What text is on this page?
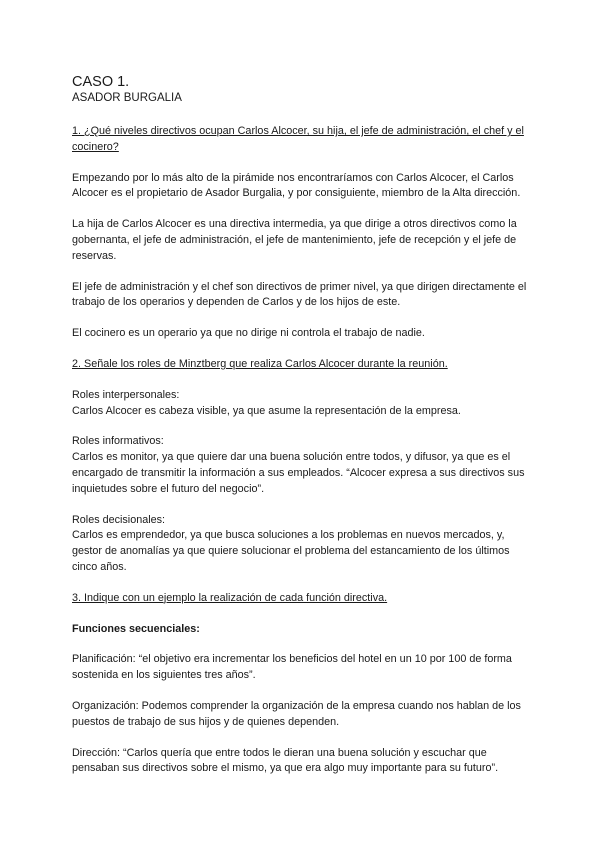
CASO 1.
ASADOR BURGALIA

1. ¿Qué niveles directivos ocupan Carlos Alcocer, su hija, el jefe de administración, el chef y el cocinero?

Empezando por lo más alto de la pirámide nos encontraríamos con Carlos Alcocer, el Carlos Alcocer es el propietario de Asador Burgalia, y por consiguiente, miembro de la Alta dirección.

La hija de Carlos Alcocer es una directiva intermedia, ya que dirige a otros directivos como la gobernanta, el jefe de administración, el jefe de mantenimiento, jefe de recepción y el jefe de reservas.

El jefe de administración y el chef son directivos de primer nivel, ya que dirigen directamente el trabajo de los operarios y dependen de Carlos y de los hijos de este.

El cocinero es un operario ya que no dirige ni controla el trabajo de nadie.

2. Señale los roles de Minztberg que realiza Carlos Alcocer durante la reunión.

Roles interpersonales:

Carlos Alcocer es cabeza visible, ya que asume la representación de la empresa.

Roles informativos:

Carlos es monitor, ya que quiere dar una buena solución entre todos, y difusor, ya que es el encargado de transmitir la información a sus empleados. “Alcocer expresa a sus directivos sus inquietudes sobre el futuro del negocio”.

Roles decisionales:

Carlos es emprendedor, ya que busca soluciones a los problemas en nuevos mercados, y, gestor de anomalías ya que quiere solucionar el problema del estancamiento de los últimos cinco años.

3. Indique con un ejemplo la realización de cada función directiva.

Funciones secuenciales:

Planificación: “el objetivo era incrementar los beneficios del hotel en un 10 por 100 de forma sostenida en los siguientes tres años”.

Organización: Podemos comprender la organización de la empresa cuando nos hablan de los puestos de trabajo de sus hijos y de quienes dependen.

Dirección: “Carlos quería que entre todos le dieran una buena solución y escuchar que pensaban sus directivos sobre el mismo, ya que era algo muy importante para su futuro”.
